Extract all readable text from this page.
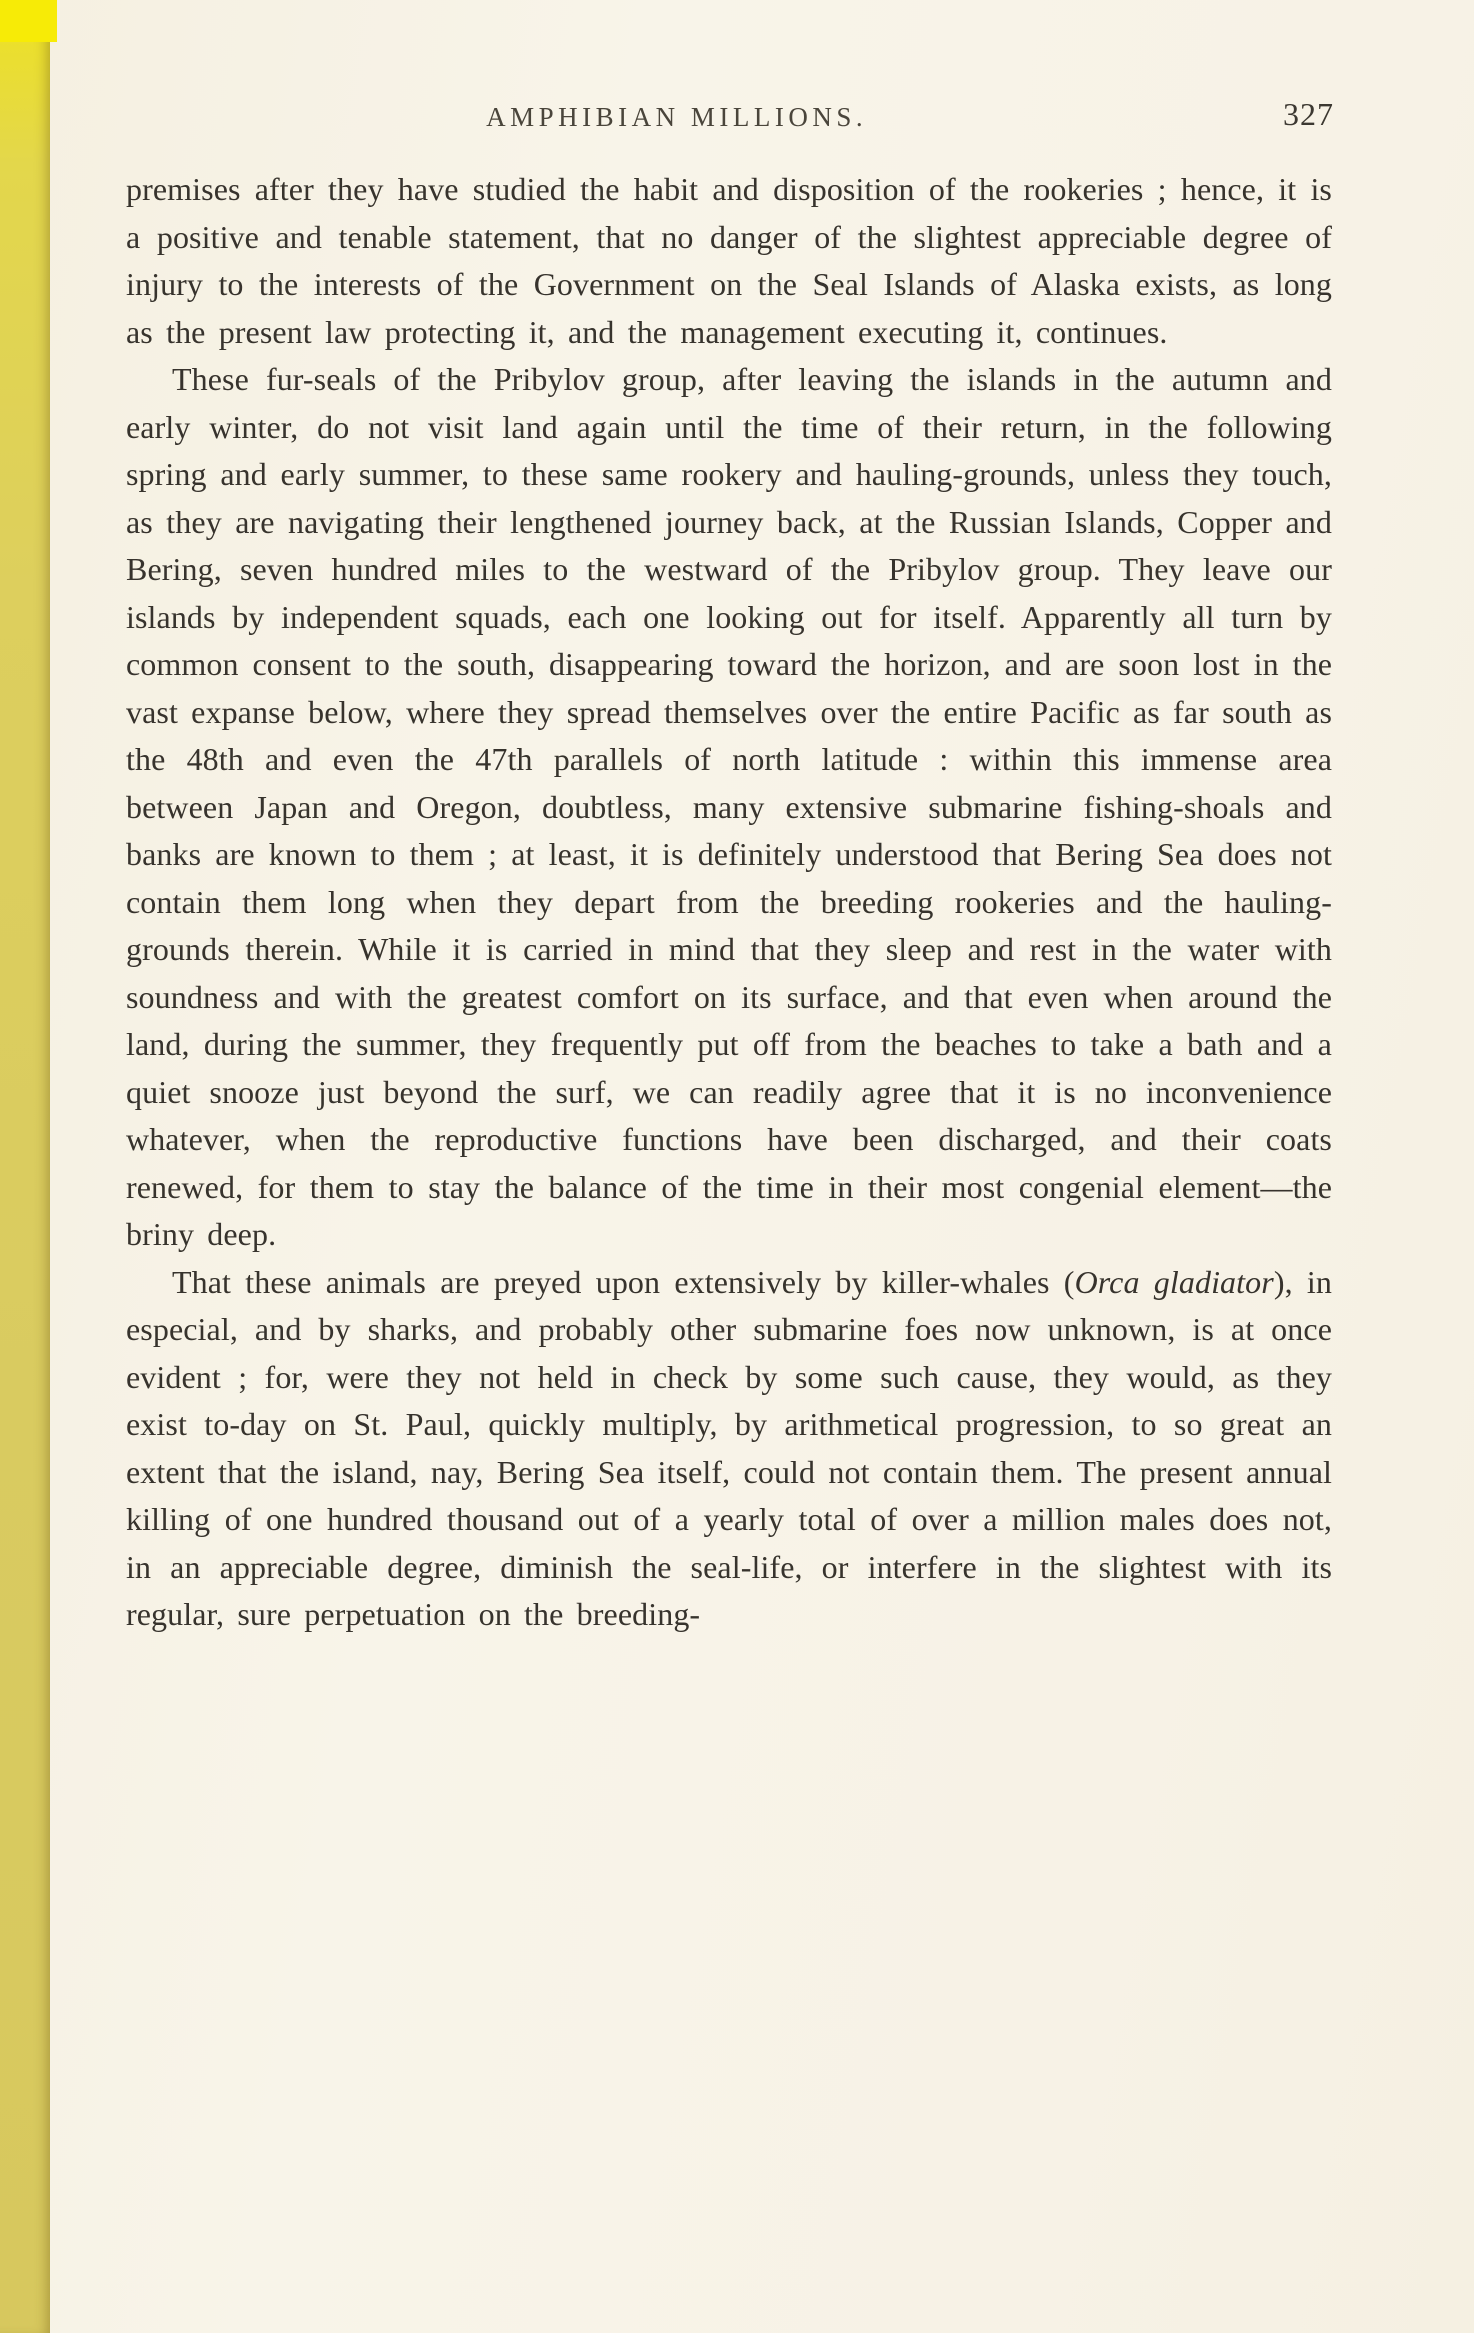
AMPHIBIAN MILLIONS.	327

premises after they have studied the habit and disposition of the rookeries ; hence, it is a positive and tenable statement, that no danger of the slightest appreciable degree of injury to the interests of the Government on the Seal Islands of Alaska exists, as long as the present law protecting it, and the management executing it, continues.

These fur-seals of the Pribylov group, after leaving the islands in the autumn and early winter, do not visit land again until the time of their return, in the following spring and early summer, to these same rookery and hauling-grounds, unless they touch, as they are navigating their lengthened journey back, at the Russian Islands, Copper and Bering, seven hundred miles to the westward of the Pribylov group. They leave our islands by independent squads, each one looking out for itself. Apparently all turn by common consent to the south, disappearing toward the horizon, and are soon lost in the vast expanse below, where they spread themselves over the entire Pacific as far south as the 48th and even the 47th parallels of north latitude : within this immense area between Japan and Oregon, doubtless, many extensive submarine fishing-shoals and banks are known to them ; at least, it is definitely understood that Bering Sea does not contain them long when they depart from the breeding rookeries and the hauling-grounds therein. While it is carried in mind that they sleep and rest in the water with soundness and with the greatest comfort on its surface, and that even when around the land, during the summer, they frequently put off from the beaches to take a bath and a quiet snooze just beyond the surf, we can readily agree that it is no inconvenience whatever, when the reproductive functions have been discharged, and their coats renewed, for them to stay the balance of the time in their most congenial element—the briny deep.

That these animals are preyed upon extensively by killer-whales (Orca gladiator), in especial, and by sharks, and probably other submarine foes now unknown, is at once evident ; for, were they not held in check by some such cause, they would, as they exist to-day on St. Paul, quickly multiply, by arithmetical progression, to so great an extent that the island, nay, Bering Sea itself, could not contain them. The present annual killing of one hundred thousand out of a yearly total of over a million males does not, in an appreciable degree, diminish the seal-life, or interfere in the slightest with its regular, sure perpetuation on the breeding-
